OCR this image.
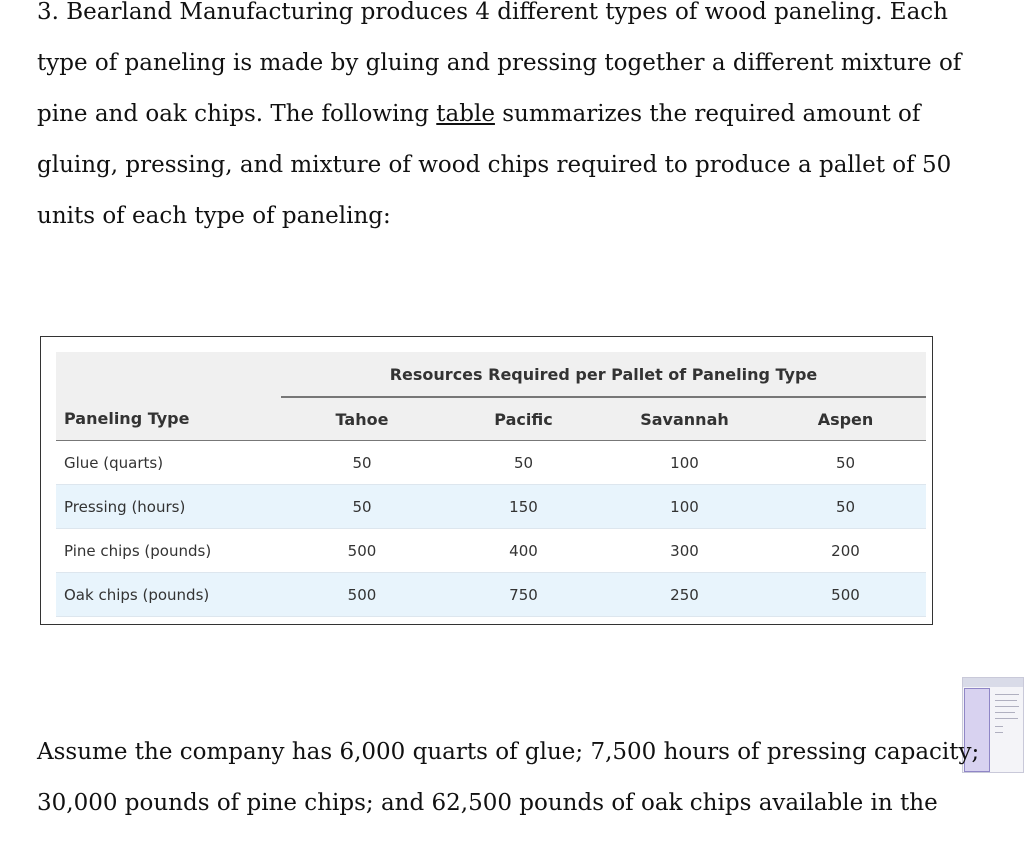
3. Bearland Manufacturing produces 4 different types of wood paneling. Each type of paneling is made by gluing and pressing together a different mixture of pine and oak chips. The following table summarizes the required amount of gluing, pressing, and mixture of wood chips required to produce a pallet of 50 units of each type of paneling:

	Resources Required per Pallet of Paneling Type			
Paneling Type	Tahoe	Pacific	Savannah	Aspen
Glue (quarts)	50	50	100	50
Pressing (hours)	50	150	100	50
Pine chips (pounds)	500	400	300	200
Oak chips (pounds)	500	750	250	500

Assume the company has 6,000 quarts of glue; 7,500 hours of pressing capacity;
30,000 pounds of pine chips; and 62,500 pounds of oak chips available in the
